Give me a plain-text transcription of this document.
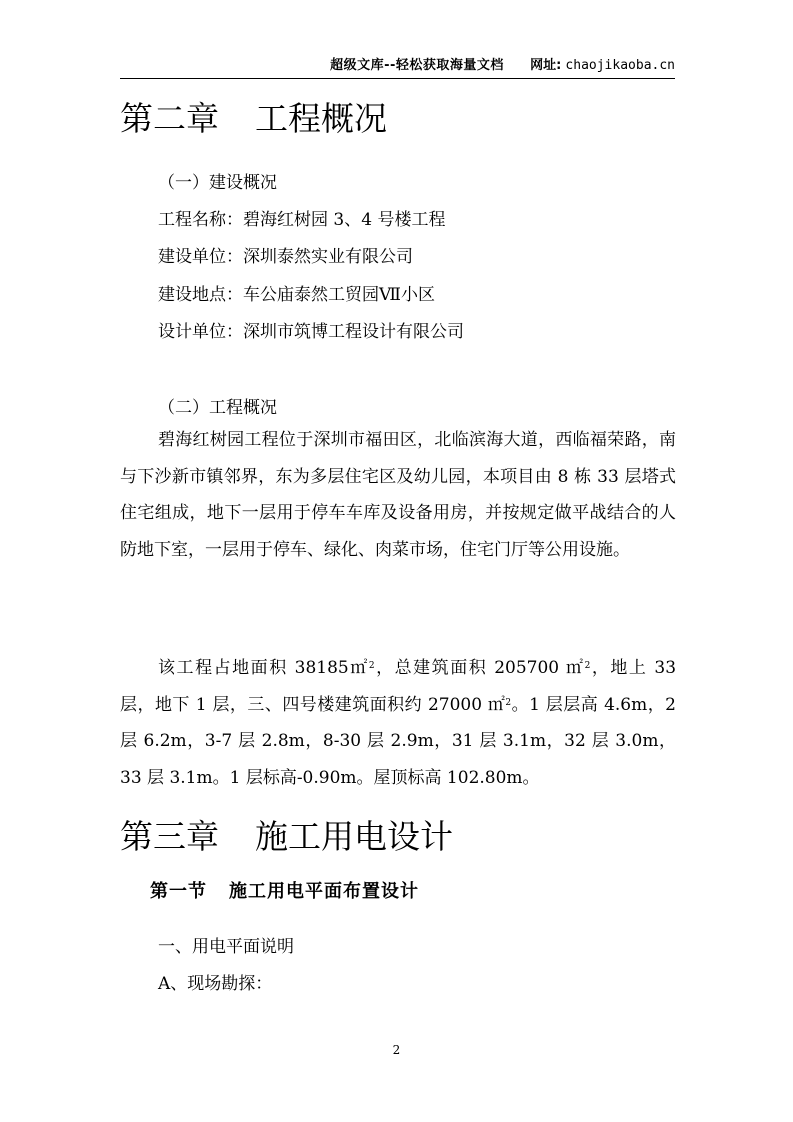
超级文库--轻松获取海量文档 网址: chaojikaoba.cn
第二章 工程概况
（一）建设概况
工程名称：碧海红树园 3、4 号楼工程
建设单位：深圳泰然实业有限公司
建设地点：车公庙泰然工贸园Ⅶ小区
设计单位：深圳市筑博工程设计有限公司
（二）工程概况
碧海红树园工程位于深圳市福田区，北临滨海大道，西临福荣路，南与下沙新市镇邻界，东为多层住宅区及幼儿园，本项目由 8 栋 33 层塔式住宅组成，地下一层用于停车车库及设备用房，并按规定做平战结合的人防地下室，一层用于停车、绿化、肉菜市场，住宅门厅等公用设施。
该工程占地面积 38185㎡$^2$，总建筑面积 205700 ㎡$^2$，地上 33 层，地下 1 层，三、四号楼建筑面积约 27000 ㎡$^2$。1 层层高 4.6m，2 层 6.2m，3-7 层 2.8m，8-30 层 2.9m，31 层 3.1m，32 层 3.0m，33 层 3.1m。1 层标高-0.90m。屋顶标高 102.80m。
第三章 施工用电设计
第一节 施工用电平面布置设计
一、用电平面说明
A、现场勘探：
2
